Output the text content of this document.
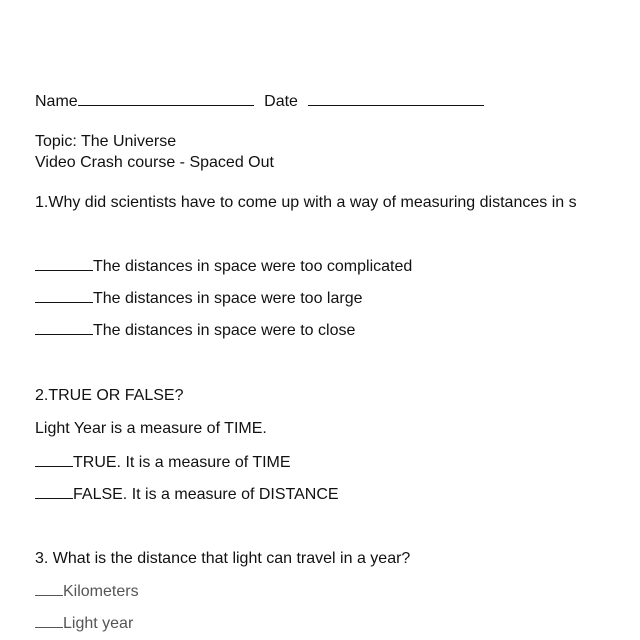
Name	Date
Topic: The Universe
Video Crash course - Spaced Out
1.Why did scientists have to come up with a way of measuring distances in s
The distances in space were too complicated
The distances in space were too large
The distances in space were to close
2.TRUE OR FALSE?
Light Year is a measure of TIME.
TRUE. It is a measure of TIME
FALSE. It is a measure of DISTANCE
3. What is the distance that light can travel in a year?
Kilometers
Light year
